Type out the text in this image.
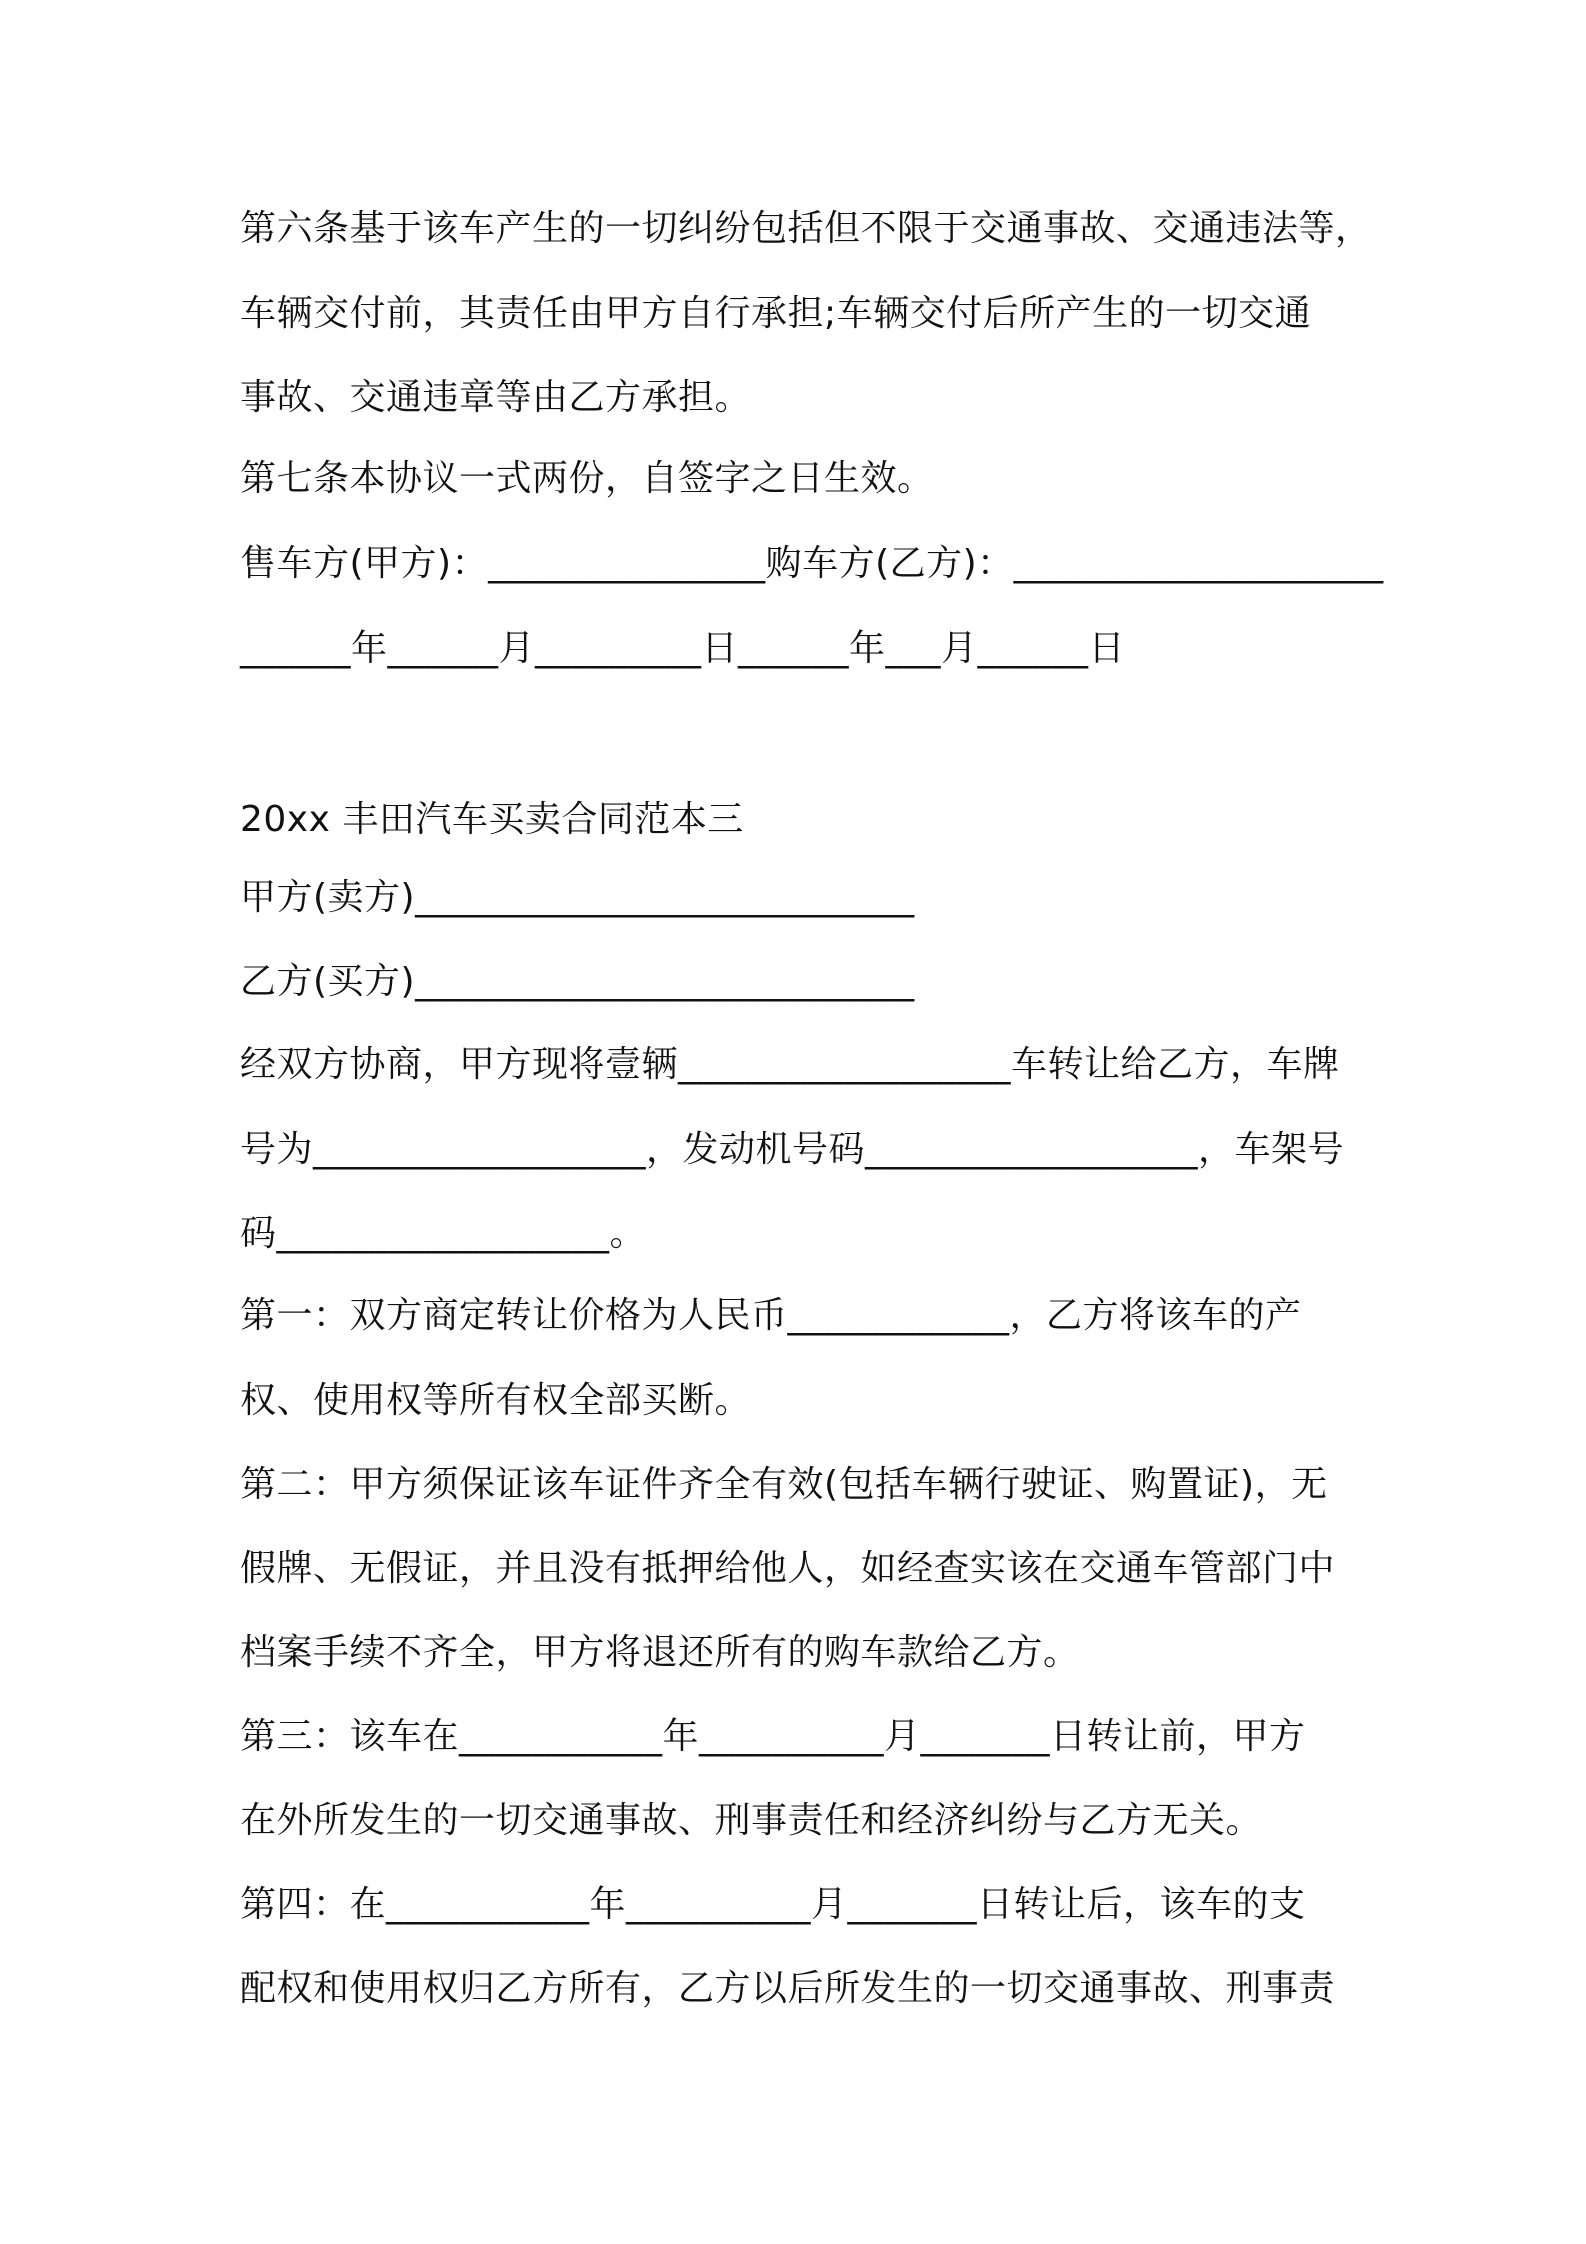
第六条基于该车产生的一切纠纷包括但不限于交通事故、交通违法等，
车辆交付前，其责任由甲方自行承担;车辆交付后所产生的一切交通
事故、交通违章等由乙方承担。
第七条本协议一式两份，自签字之日生效。
售车方(甲方)：_______________购车方(乙方)：____________________
______年______月_________日______年___月______日
20xx 丰田汽车买卖合同范本三
甲方(卖方)___________________________
乙方(买方)___________________________
经双方协商，甲方现将壹辆__________________车转让给乙方，车牌
号为__________________，发动机号码__________________，车架号
码__________________。
第一：双方商定转让价格为人民币____________，乙方将该车的产
权、使用权等所有权全部买断。
第二：甲方须保证该车证件齐全有效(包括车辆行驶证、购置证)，无
假牌、无假证，并且没有抵押给他人，如经查实该在交通车管部门中
档案手续不齐全，甲方将退还所有的购车款给乙方。
第三：该车在___________年__________月_______日转让前，甲方
在外所发生的一切交通事故、刑事责任和经济纠纷与乙方无关。
第四：在___________年__________月_______日转让后，该车的支
配权和使用权归乙方所有，乙方以后所发生的一切交通事故、刑事责
